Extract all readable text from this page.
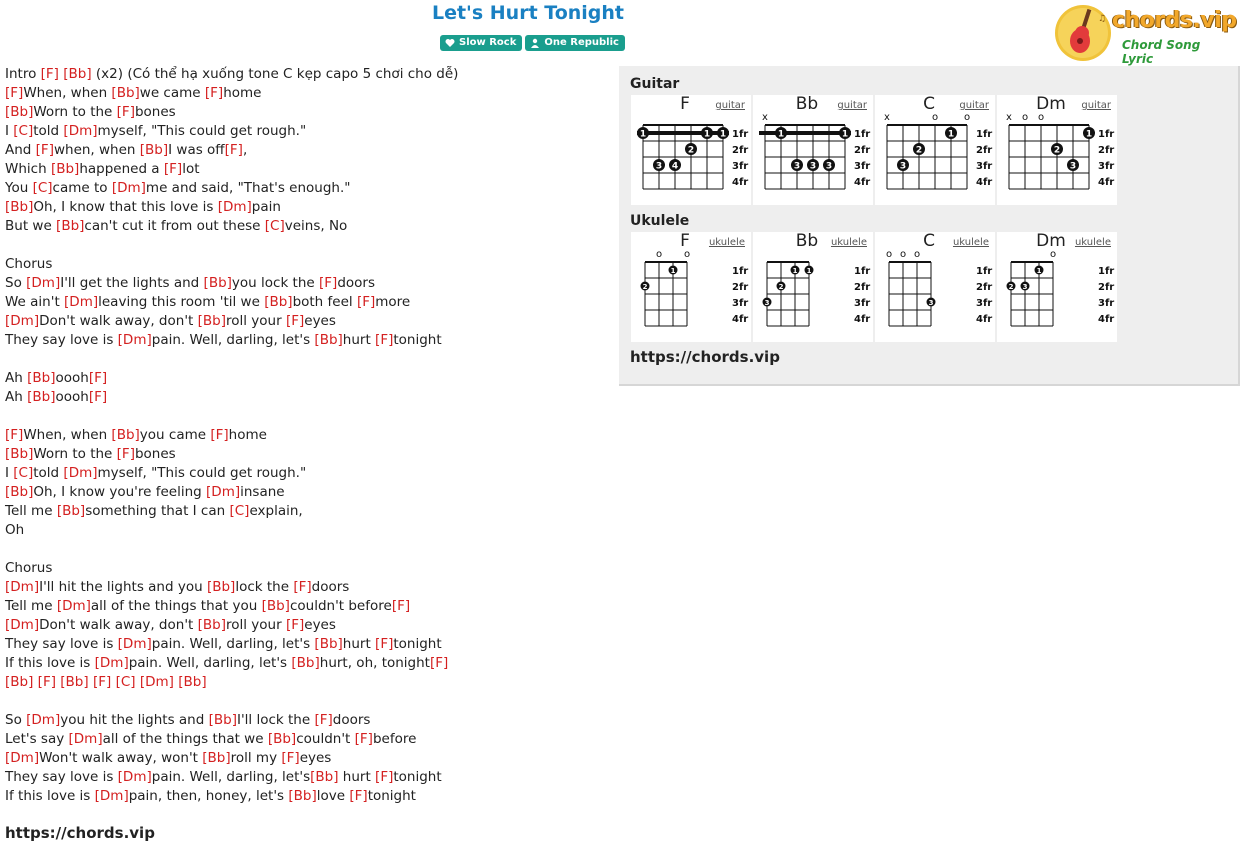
Let's Hurt Tonight
Slow Rock	One Republic
♫ chords.vip
Chord Song Lyric
Intro [F] [Bb] (x2) (Có thể hạ xuống tone C kẹp capo 5 chơi cho dễ)
[F]When, when [Bb]we came [F]home
[Bb]Worn to the [F]bones
I [C]told [Dm]myself, "This could get rough."
And [F]when, when [Bb]I was off[F],
Which [Bb]happened a [F]lot
You [C]came to [Dm]me and said, "That's enough."
[Bb]Oh, I know that this love is [Dm]pain
But we [Bb]can't cut it from out these [C]veins, No
Chorus
So [Dm]I'll get the lights and [Bb]you lock the [F]doors
We ain't [Dm]leaving this room 'til we [Bb]both feel [F]more
[Dm]Don't walk away, don't [Bb]roll your [F]eyes
They say love is [Dm]pain. Well, darling, let's [Bb]hurt [F]tonight
Ah [Bb]oooh[F]
Ah [Bb]oooh[F]
[F]When, when [Bb]you came [F]home
[Bb]Worn to the [F]bones
I [C]told [Dm]myself, "This could get rough."
[Bb]Oh, I know you're feeling [Dm]insane
Tell me [Bb]something that I can [C]explain,
Oh
Chorus
[Dm]I'll hit the lights and you [Bb]lock the [F]doors
Tell me [Dm]all of the things that you [Bb]couldn't before[F]
[Dm]Don't walk away, don't [Bb]roll your [F]eyes
They say love is [Dm]pain. Well, darling, let's [Bb]hurt [F]tonight
If this love is [Dm]pain. Well, darling, let's [Bb]hurt, oh, tonight[F]
[Bb] [F] [Bb] [F] [C] [Dm] [Bb]
So [Dm]you hit the lights and [Bb]I'll lock the [F]doors
Let's say [Dm]all of the things that we [Bb]couldn't [F]before
[Dm]Won't walk away, won't [Bb]roll my [F]eyes
They say love is [Dm]pain. Well, darling, let's[Bb] hurt [F]tonight
If this love is [Dm]pain, then, honey, let's [Bb]love [F]tonight
https://chords.vip
Guitar
1
3 4
2
1 1 1fr
2fr
3fr
4fr
F	guitar
x
1
3 3 3
1 1fr
2fr
3fr
4fr
Bb	guitar
x	o	o
3
2
1 1fr
2fr
3fr
4fr
C	guitar
x o o
2
3
1 1fr
2fr
3fr
4fr
Dm	guitar
Ukulele
o o
2
1	1fr
2fr
3fr
4fr
F	ukulele
3
2
1 1	1fr
2fr
3fr
4fr
Bb	ukulele
o o o
3
1fr
2fr
3fr
4fr
C	ukulele
o
2 3
1	1fr
2fr
3fr
4fr
Dm ukulele
https://chords.vip
